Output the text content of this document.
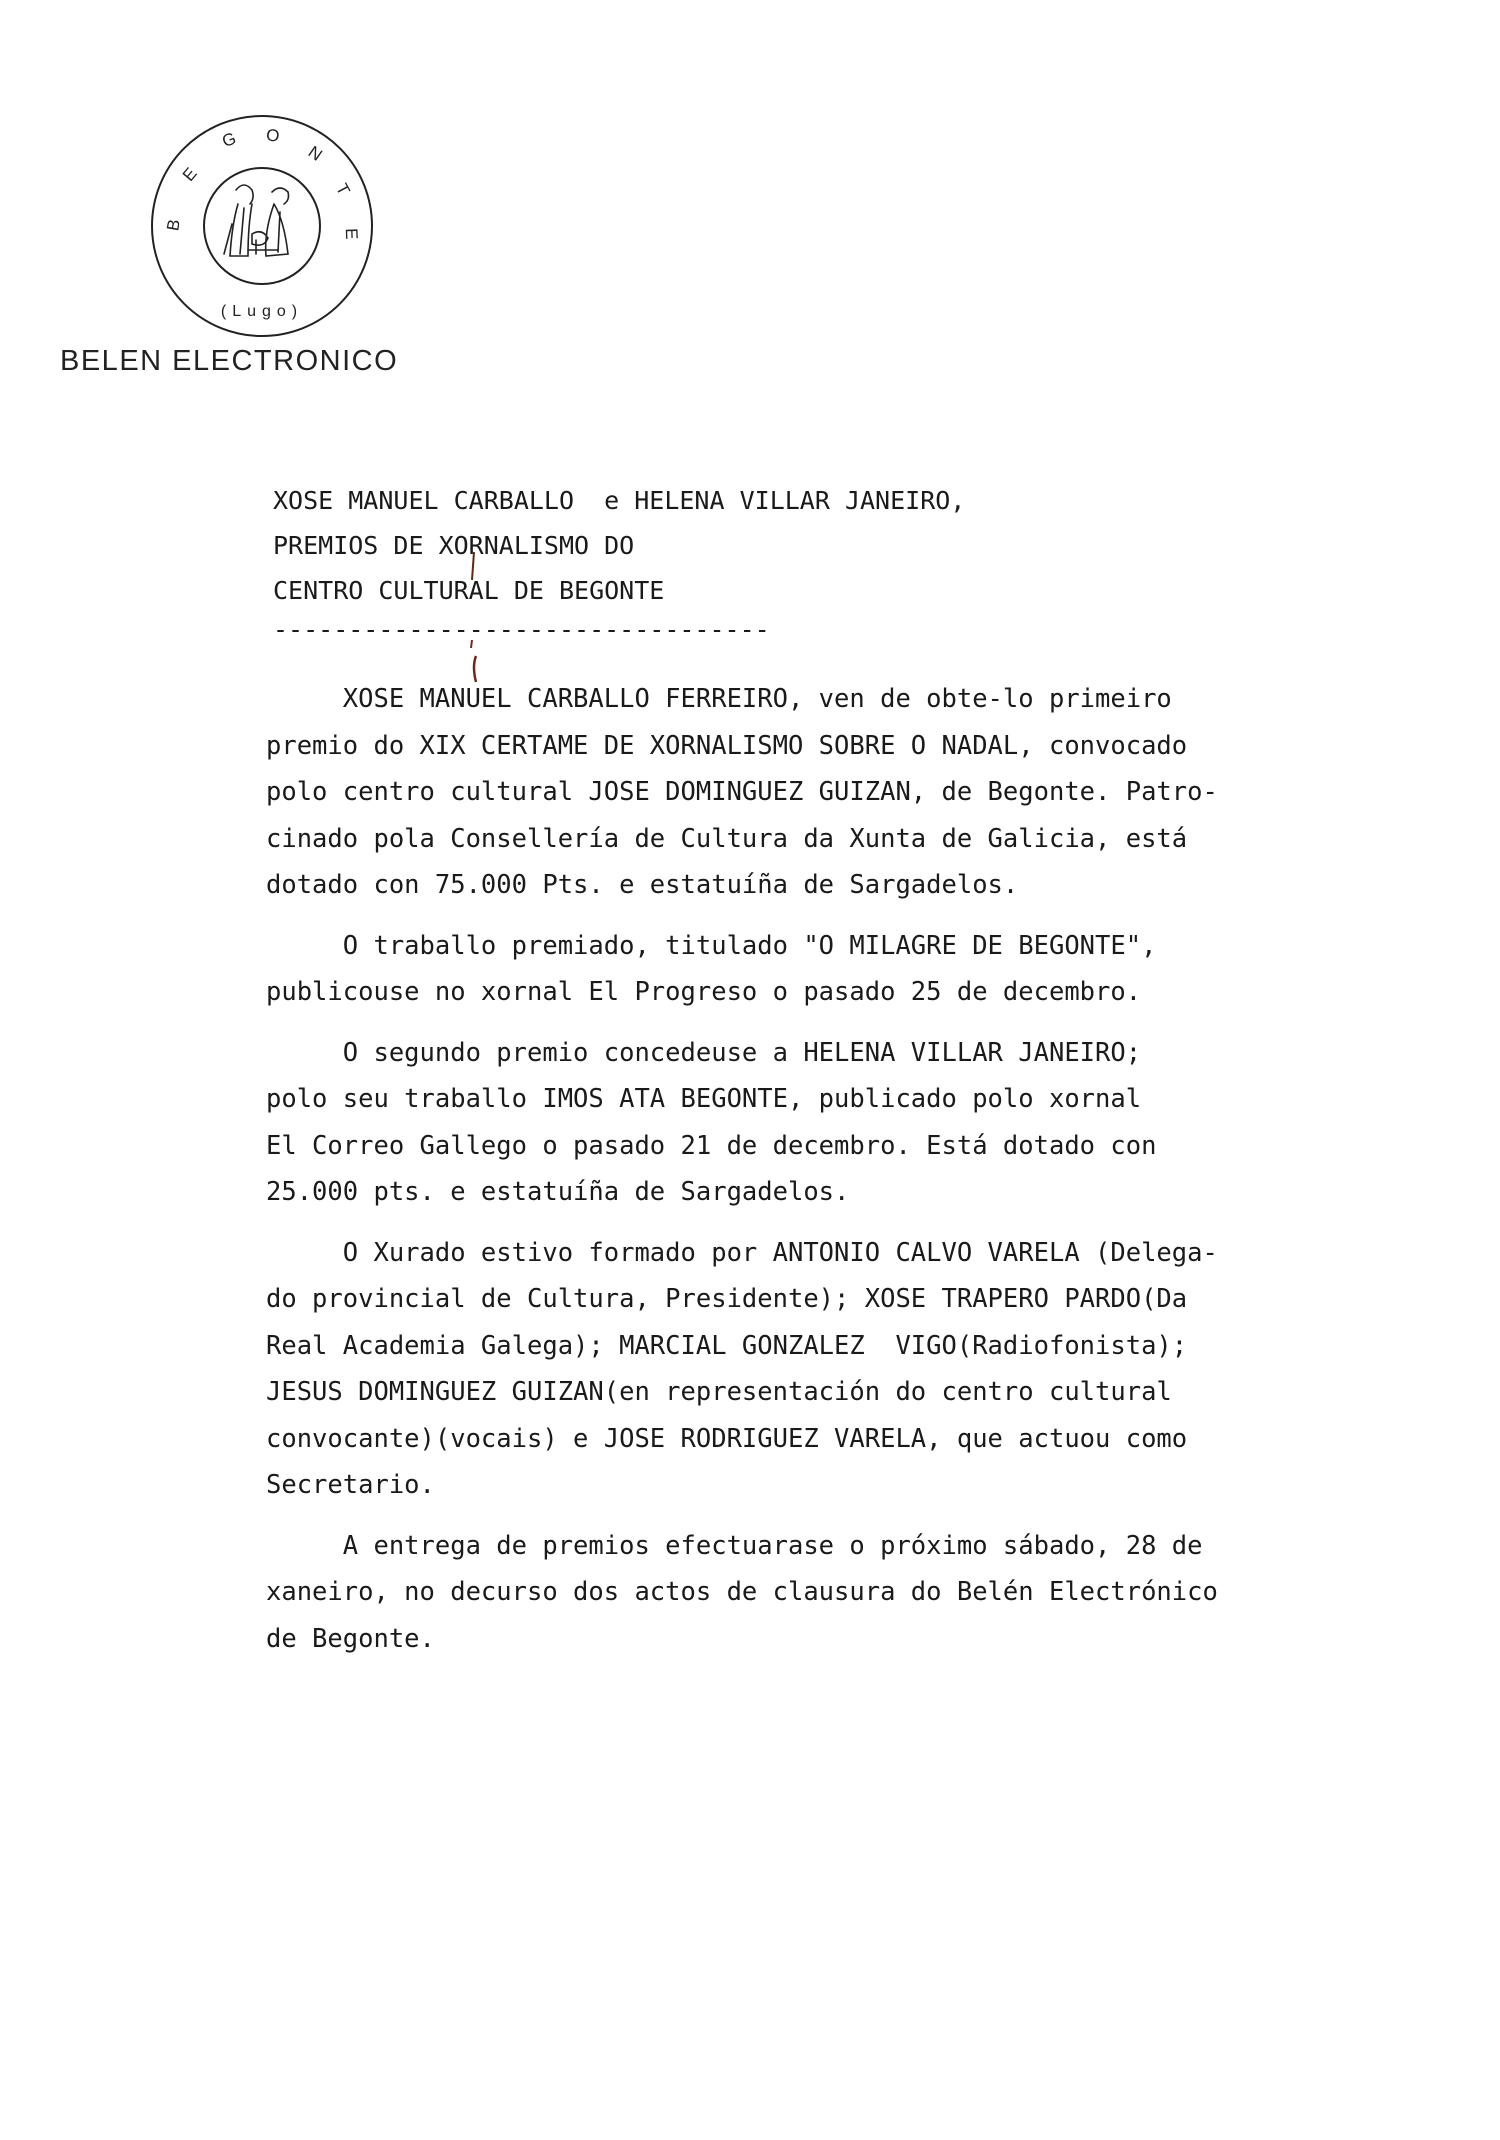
B
E
G O
N
T
E
(Lugo)
BELEN ELECTRONICO
XOSE MANUEL CARBALLO  e HELENA VILLAR JANEIRO,
PREMIOS DE XORNALISMO DO
CENTRO CULTURAL DE BEGONTE
---------------------------------
XOSE MANUEL CARBALLO FERREIRO, ven de obte-lo primeiro
premio do XIX CERTAME DE XORNALISMO SOBRE O NADAL, convocado
polo centro cultural JOSE DOMINGUEZ GUIZAN, de Begonte. Patro-
cinado pola Consellería de Cultura da Xunta de Galicia, está
dotado con 75.000 Pts. e estatuíña de Sargadelos.
O traballo premiado, titulado "O MILAGRE DE BEGONTE",
publicouse no xornal El Progreso o pasado 25 de decembro.
O segundo premio concedeuse a HELENA VILLAR JANEIRO;
polo seu traballo IMOS ATA BEGONTE, publicado polo xornal
El Correo Gallego o pasado 21 de decembro. Está dotado con
25.000 pts. e estatuíña de Sargadelos.
O Xurado estivo formado por ANTONIO CALVO VARELA (Delega-
do provincial de Cultura, Presidente); XOSE TRAPERO PARDO(Da
Real Academia Galega); MARCIAL GONZALEZ  VIGO(Radiofonista);
JESUS DOMINGUEZ GUIZAN(en representación do centro cultural
convocante)(vocais) e JOSE RODRIGUEZ VARELA, que actuou como
Secretario.
A entrega de premios efectuarase o próximo sábado, 28 de
xaneiro, no decurso dos actos de clausura do Belén Electrónico
de Begonte.
